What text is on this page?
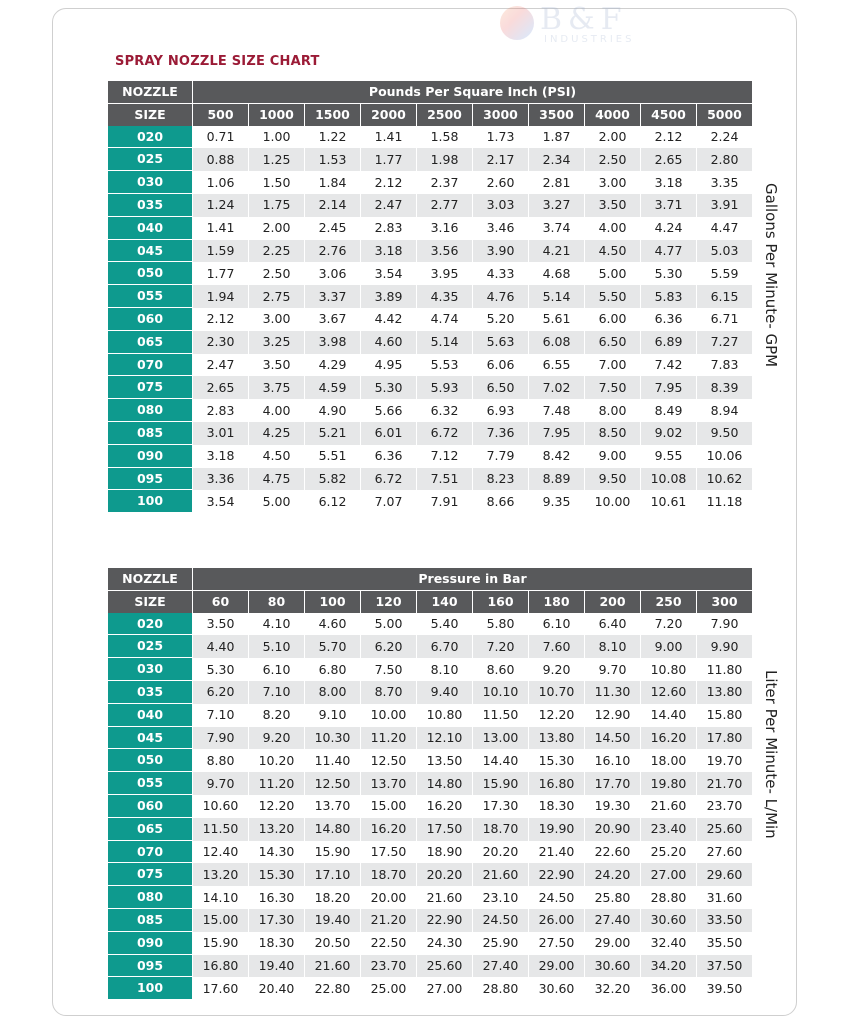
B&F
INDUSTRIES
SPRAY NOZZLE SIZE CHART
NOZZLE	Pounds Per Square Inch (PSI)									
SIZE	500	1000	1500	2000	2500	3000	3500	4000	4500	5000
020	0.71	1.00	1.22	1.41	1.58	1.73	1.87	2.00	2.12	2.24
025	0.88	1.25	1.53	1.77	1.98	2.17	2.34	2.50	2.65	2.80
030	1.06	1.50	1.84	2.12	2.37	2.60	2.81	3.00	3.18	3.35
035	1.24	1.75	2.14	2.47	2.77	3.03	3.27	3.50	3.71	3.91
040	1.41	2.00	2.45	2.83	3.16	3.46	3.74	4.00	4.24	4.47
045	1.59	2.25	2.76	3.18	3.56	3.90	4.21	4.50	4.77	5.03
050	1.77	2.50	3.06	3.54	3.95	4.33	4.68	5.00	5.30	5.59
055	1.94	2.75	3.37	3.89	4.35	4.76	5.14	5.50	5.83	6.15
060	2.12	3.00	3.67	4.42	4.74	5.20	5.61	6.00	6.36	6.71
065	2.30	3.25	3.98	4.60	5.14	5.63	6.08	6.50	6.89	7.27
070	2.47	3.50	4.29	4.95	5.53	6.06	6.55	7.00	7.42	7.83
075	2.65	3.75	4.59	5.30	5.93	6.50	7.02	7.50	7.95	8.39
080	2.83	4.00	4.90	5.66	6.32	6.93	7.48	8.00	8.49	8.94
085	3.01	4.25	5.21	6.01	6.72	7.36	7.95	8.50	9.02	9.50
090	3.18	4.50	5.51	6.36	7.12	7.79	8.42	9.00	9.55	10.06
095	3.36	4.75	5.82	6.72	7.51	8.23	8.89	9.50	10.08	10.62
100	3.54	5.00	6.12	7.07	7.91	8.66	9.35	10.00	10.61	11.18
Gallons Per Minute- GPM
NOZZLE	Pressure in Bar									
SIZE	60	80	100	120	140	160	180	200	250	300
020	3.50	4.10	4.60	5.00	5.40	5.80	6.10	6.40	7.20	7.90
025	4.40	5.10	5.70	6.20	6.70	7.20	7.60	8.10	9.00	9.90
030	5.30	6.10	6.80	7.50	8.10	8.60	9.20	9.70	10.80	11.80
035	6.20	7.10	8.00	8.70	9.40	10.10	10.70	11.30	12.60	13.80
040	7.10	8.20	9.10	10.00	10.80	11.50	12.20	12.90	14.40	15.80
045	7.90	9.20	10.30	11.20	12.10	13.00	13.80	14.50	16.20	17.80
050	8.80	10.20	11.40	12.50	13.50	14.40	15.30	16.10	18.00	19.70
055	9.70	11.20	12.50	13.70	14.80	15.90	16.80	17.70	19.80	21.70
060	10.60	12.20	13.70	15.00	16.20	17.30	18.30	19.30	21.60	23.70
065	11.50	13.20	14.80	16.20	17.50	18.70	19.90	20.90	23.40	25.60
070	12.40	14.30	15.90	17.50	18.90	20.20	21.40	22.60	25.20	27.60
075	13.20	15.30	17.10	18.70	20.20	21.60	22.90	24.20	27.00	29.60
080	14.10	16.30	18.20	20.00	21.60	23.10	24.50	25.80	28.80	31.60
085	15.00	17.30	19.40	21.20	22.90	24.50	26.00	27.40	30.60	33.50
090	15.90	18.30	20.50	22.50	24.30	25.90	27.50	29.00	32.40	35.50
095	16.80	19.40	21.60	23.70	25.60	27.40	29.00	30.60	34.20	37.50
100	17.60	20.40	22.80	25.00	27.00	28.80	30.60	32.20	36.00	39.50
Liter Per Minute- L/Min
